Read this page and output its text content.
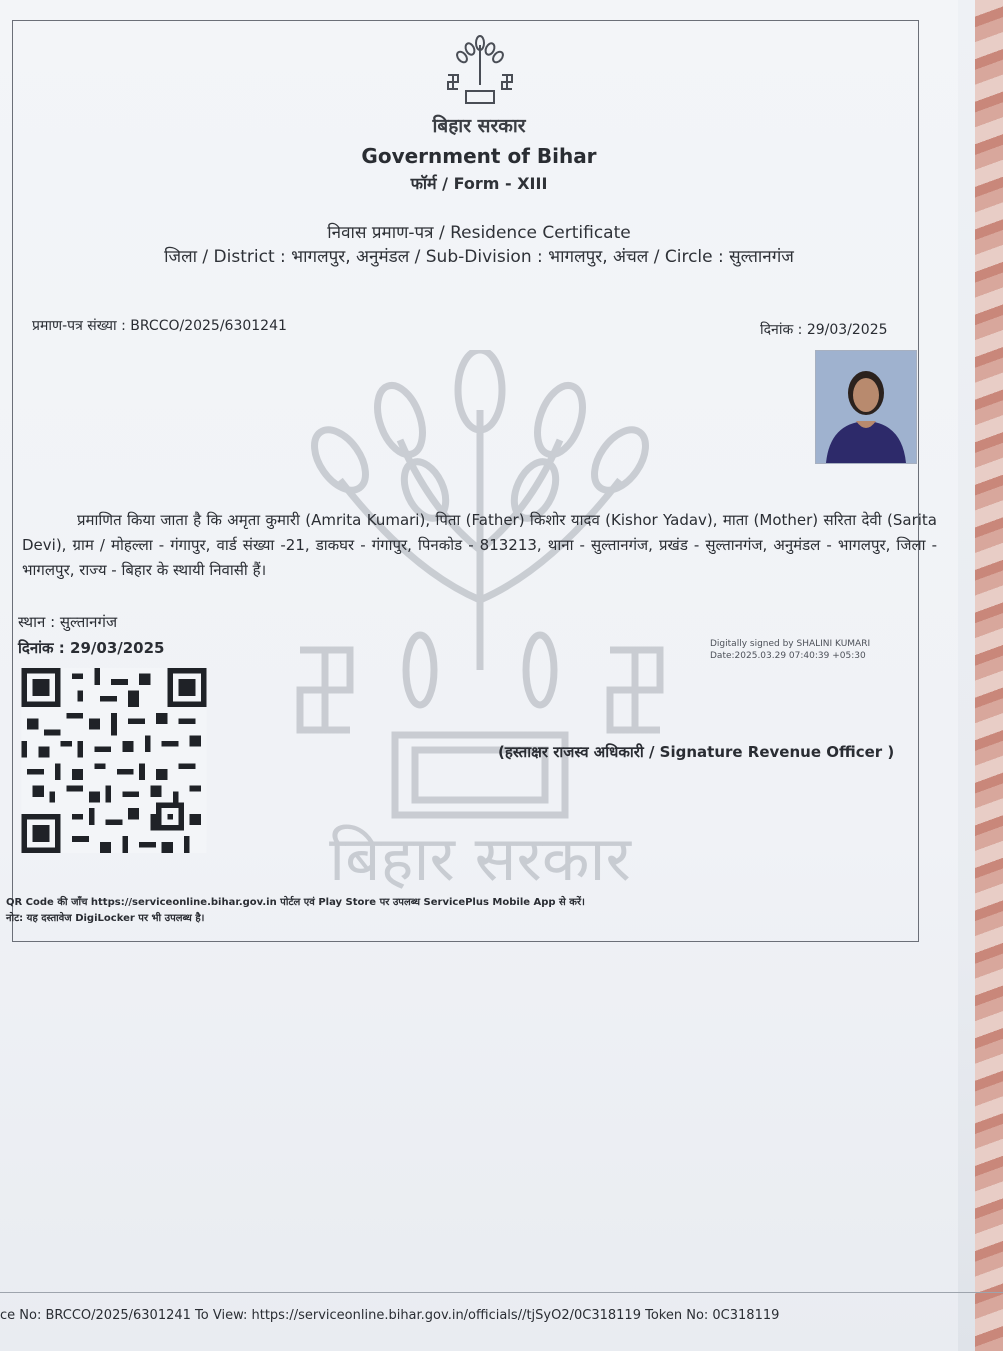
बिहार सरकार
बिहार सरकार
Government of Bihar
फॉर्म / Form - XIII
निवास प्रमाण-पत्र / Residence Certificate
जिला / District : भागलपुर, अनुमंडल / Sub-Division : भागलपुर, अंचल / Circle : सुल्तानगंज
प्रमाण-पत्र संख्या : BRCCO/2025/6301241	दिनांक : 29/03/2025
प्रमाणित किया जाता है कि अमृता कुमारी (Amrita Kumari), पिता (Father) किशोर यादव (Kishor Yadav), माता (Mother) सरिता देवी (Sarita Devi), ग्राम / मोहल्ला - गंगापुर, वार्ड संख्या -21, डाकघर - गंगापुर, पिनकोड - 813213, थाना - सुल्तानगंज, प्रखंड - सुल्तानगंज, अनुमंडल - भागलपुर, जिला - भागलपुर, राज्य - बिहार के स्थायी निवासी हैं।
स्थान : सुल्तानगंज
दिनांक : 29/03/2025	Digitally signed by SHALINI KUMARI
Date:2025.03.29 07:40:39 +05:30
(हस्ताक्षर राजस्व अधिकारी / Signature Revenue Officer )
QR Code की जाँच https://serviceonline.bihar.gov.in पोर्टल एवं Play Store पर उपलब्ध ServicePlus Mobile App से करें।
नोट: यह दस्तावेज DigiLocker पर भी उपलब्ध है।
ce No: BRCCO/2025/6301241 To View: https://serviceonline.bihar.gov.in/officials//tjSyO2/0C318119 Token No: 0C318119
